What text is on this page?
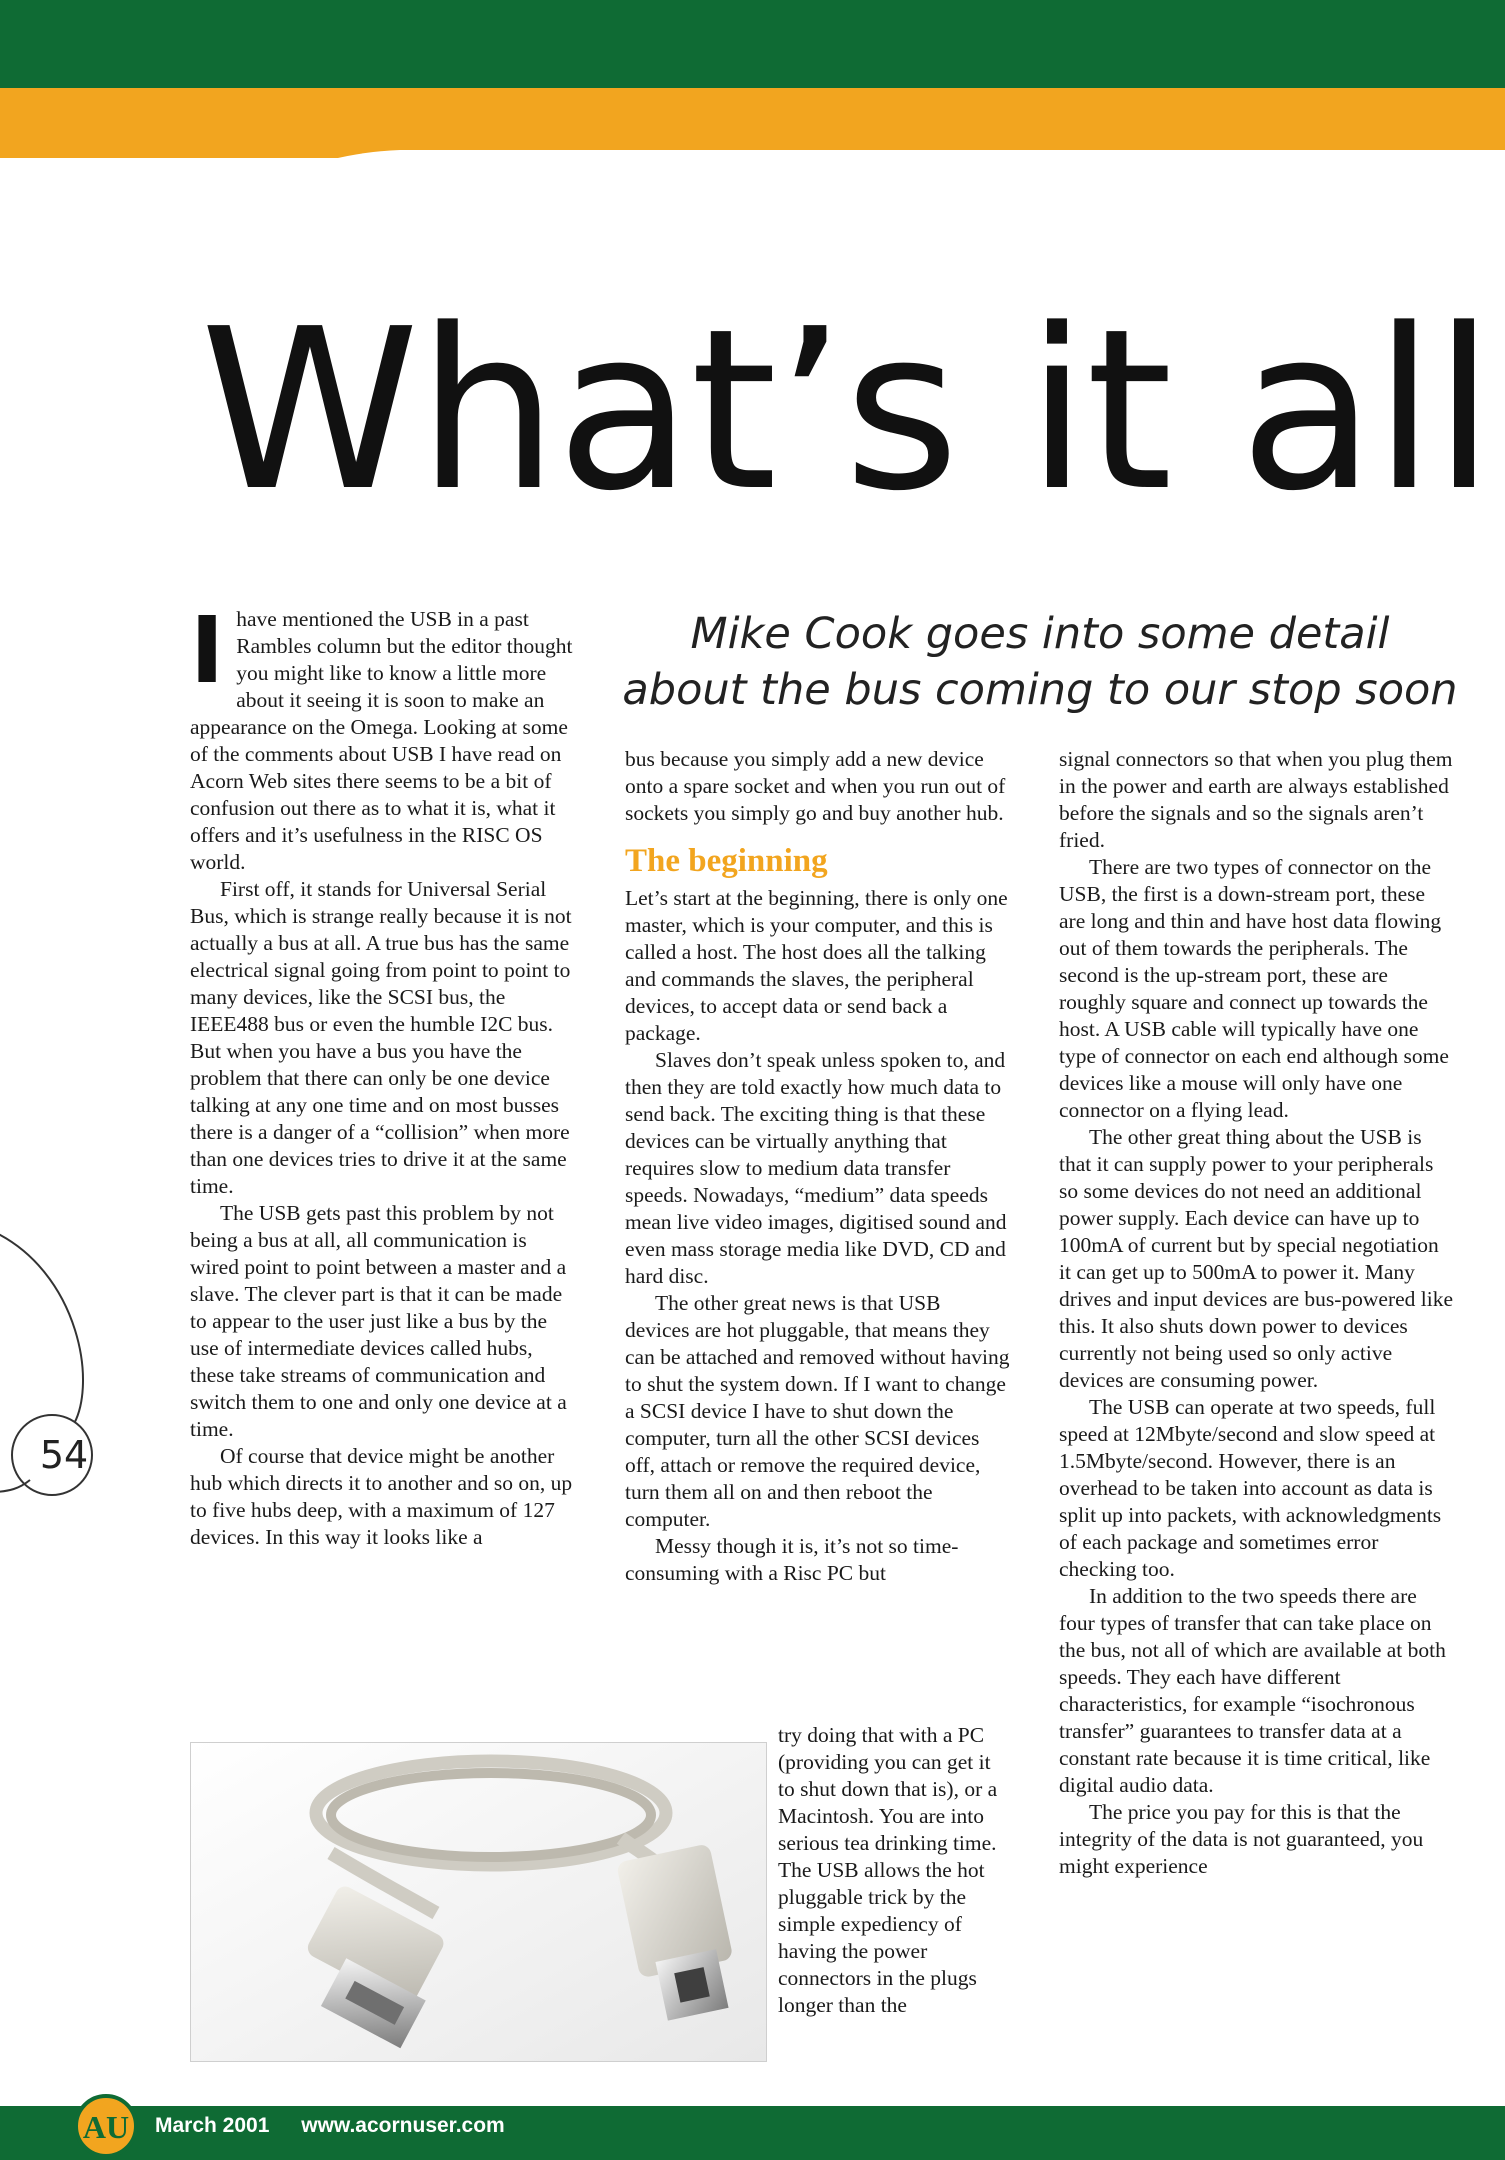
What’s it all

Mike Cook goes into some detail

about the bus coming to our stop soon

Ihave mentioned the USB in a past Rambles column but the editor thought you might like to know a little more about it seeing it is soon to make an appearance on the Omega. Looking at some of the comments about USB I have read on Acorn Web sites there seems to be a bit of confusion out there as to what it is, what it offers and it’s usefulness in the RISC OS world.

First off, it stands for Universal Serial Bus, which is strange really because it is not actually a bus at all. A true bus has the same electrical signal going from point to point to many devices, like the SCSI bus, the IEEE488 bus or even the humble I2C bus. But when you have a bus you have the problem that there can only be one device talking at any one time and on most busses there is a danger of a “collision” when more than one devices tries to drive it at the same time.

The USB gets past this problem by not being a bus at all, all communication is wired point to point between a master and a slave. The clever part is that it can be made to appear to the user just like a bus by the use of intermediate devices called hubs, these take streams of communication and switch them to one and only one device at a time.

Of course that device might be another hub which directs it to another and so on, up to five hubs deep, with a maximum of 127 devices. In this way it looks like a

bus because you simply add a new device onto a spare socket and when you run out of sockets you simply go and buy another hub.

The beginning

Let’s start at the beginning, there is only one master, which is your computer, and this is called a host. The host does all the talking and commands the slaves, the peripheral devices, to accept data or send back a package.

Slaves don’t speak unless spoken to, and then they are told exactly how much data to send back. The exciting thing is that these devices can be virtually anything that requires slow to medium data transfer speeds. Nowadays, “medium” data speeds mean live video images, digitised sound and even mass storage media like DVD, CD and hard disc.

The other great news is that USB devices are hot pluggable, that means they can be attached and removed without having to shut the system down. If I want to change a SCSI device I have to shut down the computer, turn all the other SCSI devices off, attach or remove the required device, turn them all on and then reboot the computer.

Messy though it is, it’s not so time-consuming with a Risc PC but

try doing that with a PC (providing you can get it to shut down that is), or a Macintosh. You are into serious tea drinking time. The USB allows the hot pluggable trick by the simple expediency of having the power connectors in the plugs longer than the

signal connectors so that when you plug them in the power and earth are always established before the signals and so the signals aren’t fried.

There are two types of connector on the USB, the first is a down-stream port, these are long and thin and have host data flowing out of them towards the peripherals. The second is the up-stream port, these are roughly square and connect up towards the host. A USB cable will typically have one type of connector on each end although some devices like a mouse will only have one connector on a flying lead.

The other great thing about the USB is that it can supply power to your peripherals so some devices do not need an additional power supply. Each device can have up to 100mA of current but by special negotiation it can get up to 500mA to power it. Many drives and input devices are bus-powered like this. It also shuts down power to devices currently not being used so only active devices are consuming power.

The USB can operate at two speeds, full speed at 12Mbyte/second and slow speed at 1.5Mbyte/second. However, there is an overhead to be taken into account as data is split up into packets, with acknowledgments of each package and sometimes error checking too.

In addition to the two speeds there are four types of transfer that can take place on the bus, not all of which are available at both speeds. They each have different characteristics, for example “isochronous transfer” guarantees to transfer data at a constant rate because it is time critical, like digital audio data.

The price you pay for this is that the integrity of the data is not guaranteed, you might experience

54
AU March 2001 www.acornuser.com
